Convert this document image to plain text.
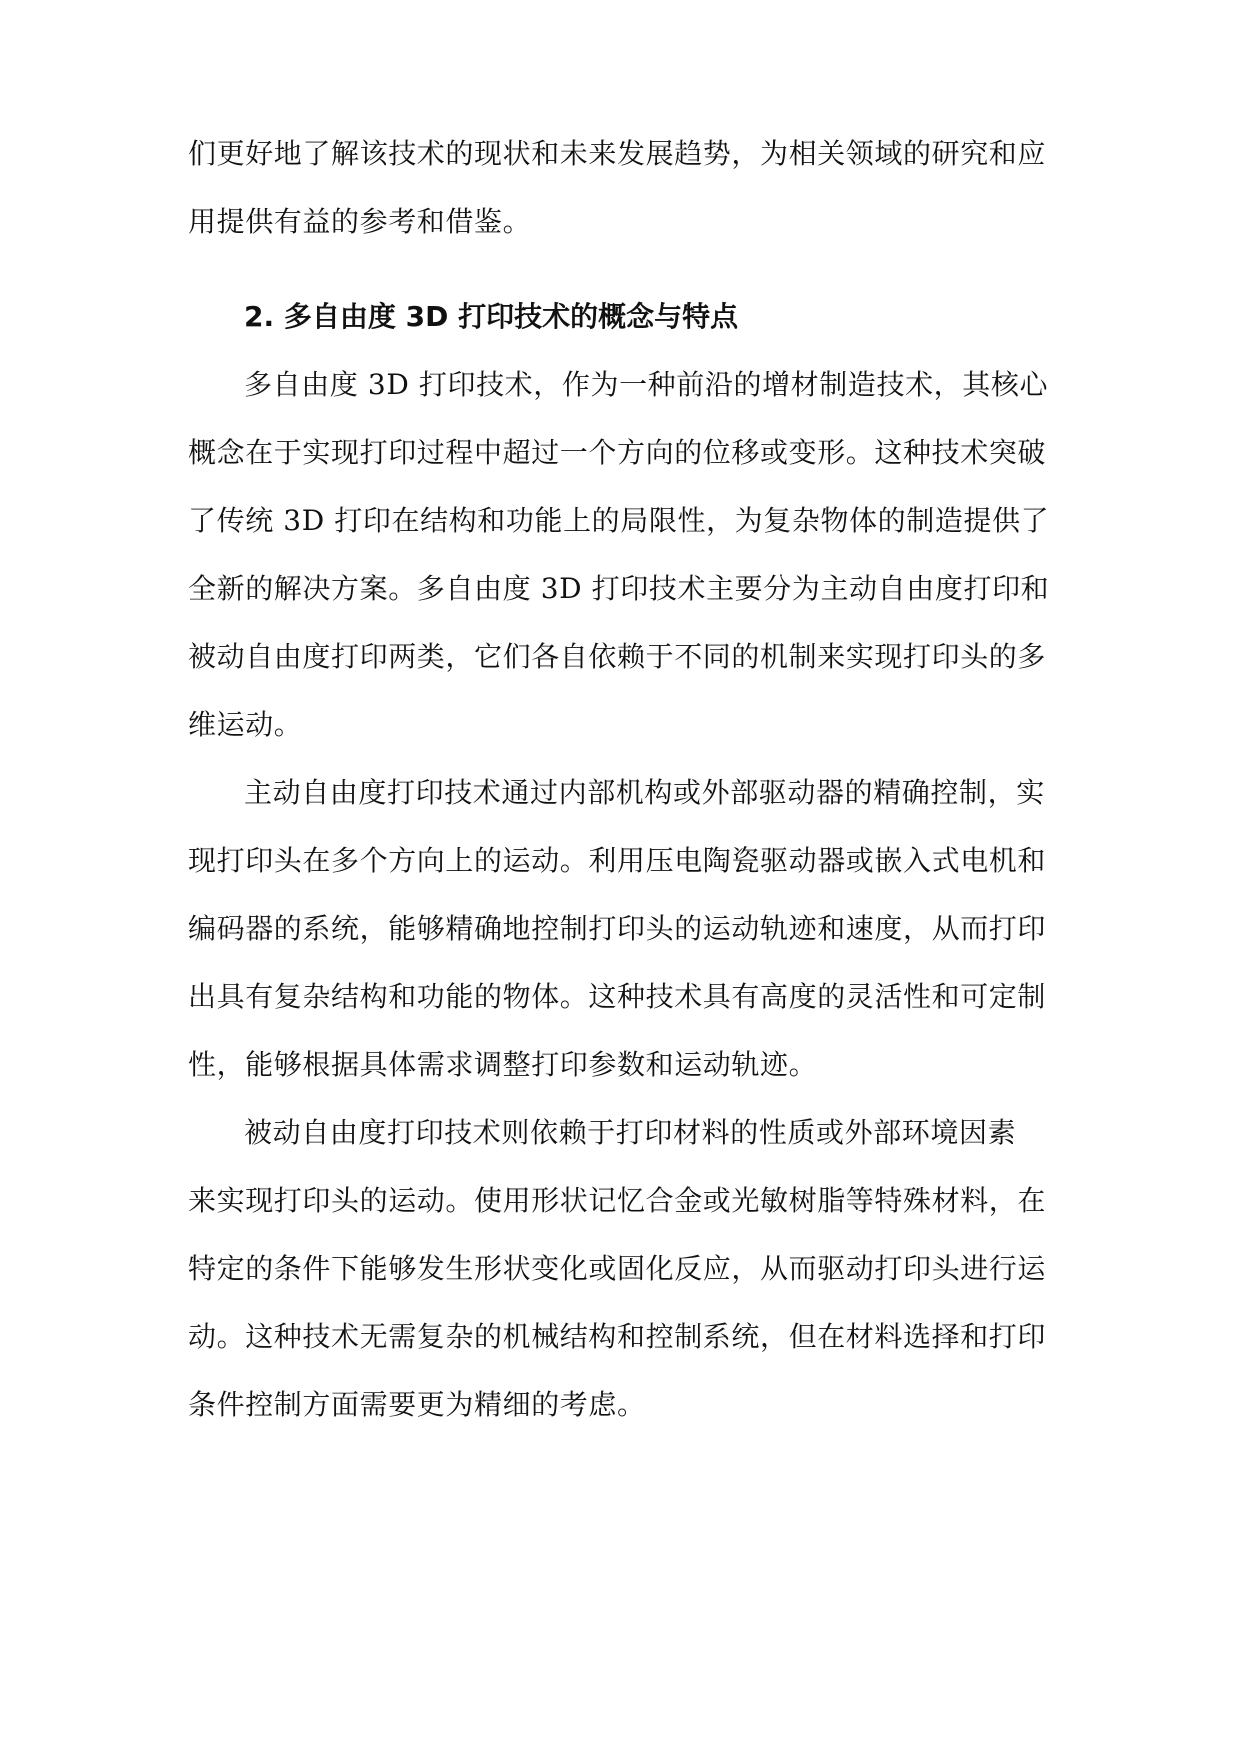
们更好地了解该技术的现状和未来发展趋势，为相关领域的研究和应
用提供有益的参考和借鉴。
2. 多自由度 3D 打印技术的概念与特点
多自由度 3D 打印技术，作为一种前沿的增材制造技术，其核心
概念在于实现打印过程中超过一个方向的位移或变形。这种技术突破
了传统 3D 打印在结构和功能上的局限性，为复杂物体的制造提供了
全新的解决方案。多自由度 3D 打印技术主要分为主动自由度打印和
被动自由度打印两类，它们各自依赖于不同的机制来实现打印头的多
维运动。
主动自由度打印技术通过内部机构或外部驱动器的精确控制，实
现打印头在多个方向上的运动。利用压电陶瓷驱动器或嵌入式电机和
编码器的系统，能够精确地控制打印头的运动轨迹和速度，从而打印
出具有复杂结构和功能的物体。这种技术具有高度的灵活性和可定制
性，能够根据具体需求调整打印参数和运动轨迹。
被动自由度打印技术则依赖于打印材料的性质或外部环境因素
来实现打印头的运动。使用形状记忆合金或光敏树脂等特殊材料，在
特定的条件下能够发生形状变化或固化反应，从而驱动打印头进行运
动。这种技术无需复杂的机械结构和控制系统，但在材料选择和打印
条件控制方面需要更为精细的考虑。
